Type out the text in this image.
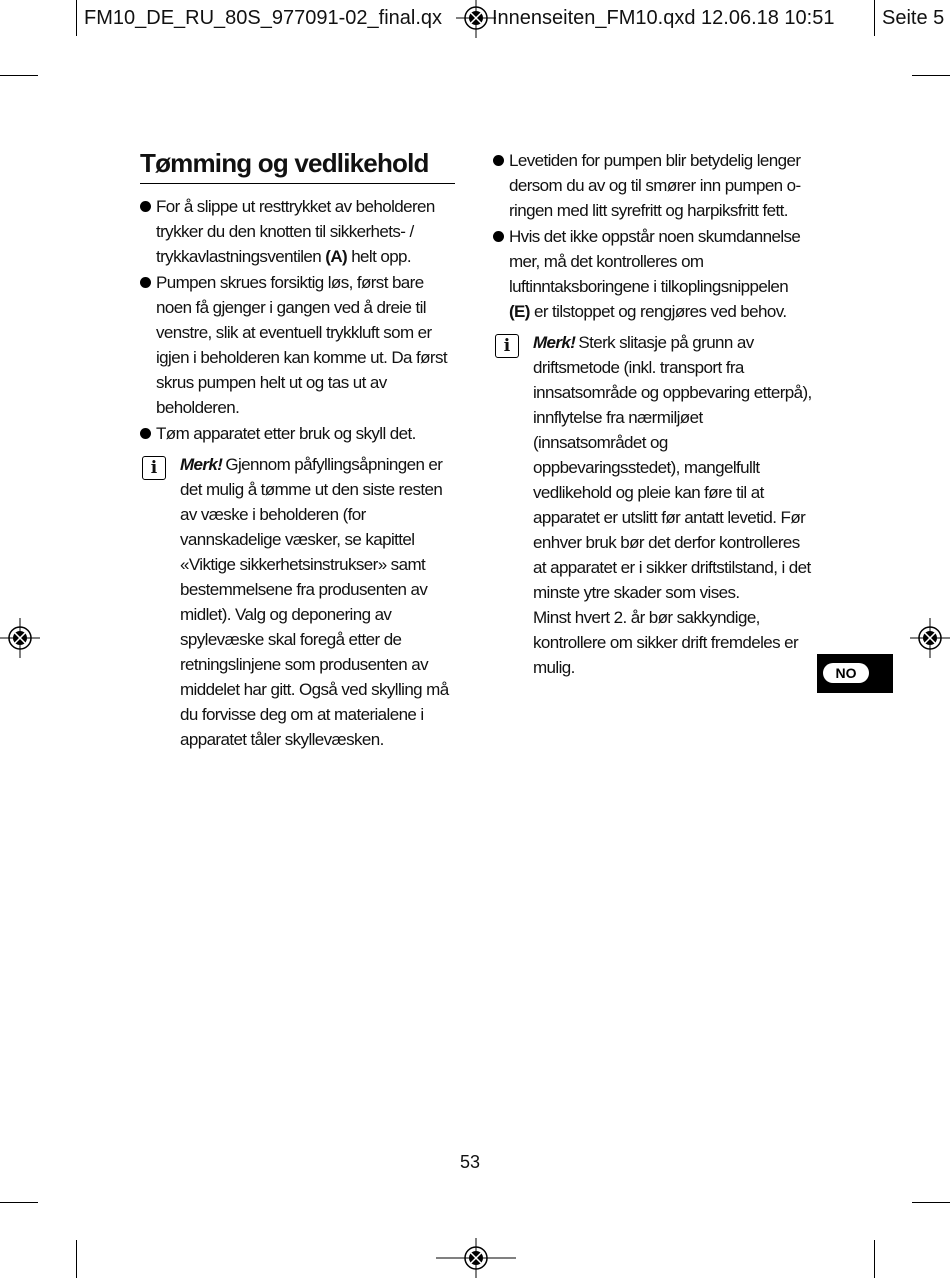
FM10_DE_RU_80S_977091-02_final.qx Innenseiten_FM10.qxd 12.06.18 10:51 Seite 5
Tømming og vedlikehold
For å slippe ut resttrykket av beholderen trykker du den knotten til sikkerhets- / trykkavlastningsventilen (A) helt opp.
Pumpen skrues forsiktig løs, først bare noen få gjenger i gangen ved å dreie til venstre, slik at eventuell trykkluft som er igjen i beholderen kan komme ut. Da først skrus pumpen helt ut og tas ut av beholderen.
Tøm apparatet etter bruk og skyll det.
i	Merk! Gjennom påfyllingsåpningen er det mulig å tømme ut den siste resten av væske i beholderen (for vannskadelige væsker, se kapittel «Viktige sikkerhetsinstrukser» samt bestemmelsene fra produsenten av midlet). Valg og deponering av spylevæske skal foregå etter de retningslinjene som produsenten av middelet har gitt. Også ved skylling må du forvisse deg om at materialene i apparatet tåler skyllevæsken.

Levetiden for pumpen blir betydelig lenger dersom du av og til smører inn pumpen o-ringen med litt syrefritt og harpiksfritt fett.
Hvis det ikke oppstår noen skumdannelse mer, må det kontrolleres om luftinntaksboringene i tilkoplingsnippelen (E) er tilstoppet og rengjøres ved behov.
i	Merk! Sterk slitasje på grunn av driftsmetode (inkl. transport fra innsatsområde og oppbevaring etterpå), innflytelse fra nærmiljøet (innsatsområdet og oppbevaringsstedet), mangelfullt vedlikehold og pleie kan føre til at apparatet er utslitt før antatt levetid. Før enhver bruk bør det derfor kontrolleres at apparatet er i sikker driftstilstand, i det minste ytre skader som vises.

Minst hvert 2. år bør sakkyndige, kontrollere om sikker drift fremdeles er mulig.	NO
53
